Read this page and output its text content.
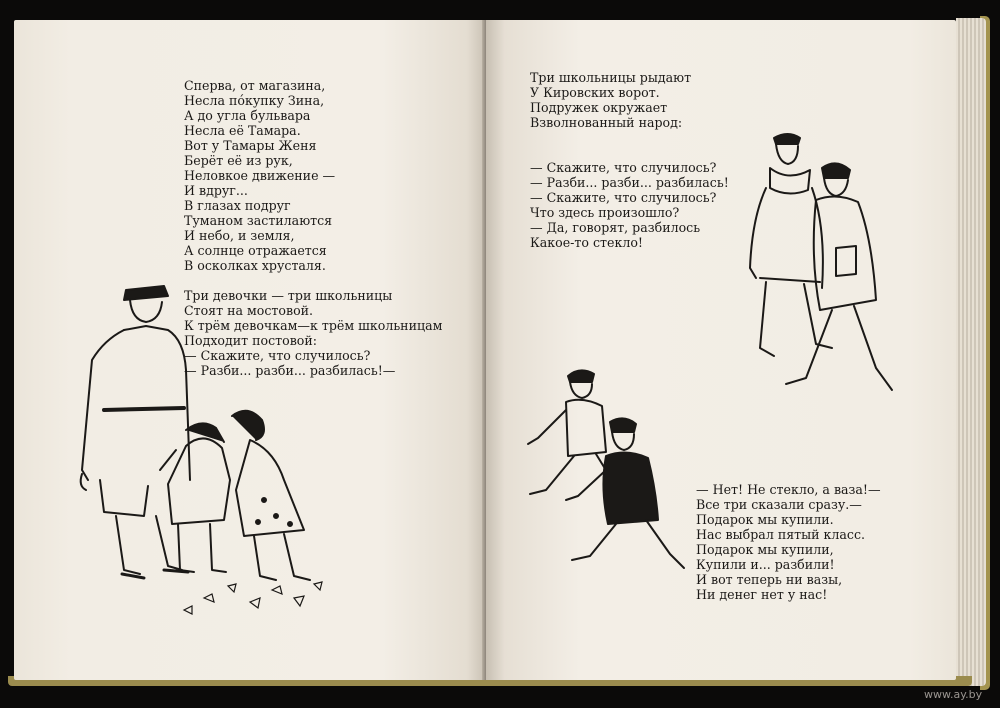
Сперва, от магазина,
Несла пóкупку Зина,
А до угла бульвара
Несла её Тамара.
Вот у Тамары Женя
Берёт её из рук,
Неловкое движение —
И вдруг...
В глазах подруг
Туманом застилаются
И небо, и земля,
А солнце отражается
В осколках хрусталя.
Три девочки — три школьницы
Стоят на мостовой.
К трём девочкам—к трём школьницам
Подходит постовой:
— Скажите, что случилось?
— Разби... разби... разбилась!—
Три школьницы рыдают
У Кировских ворот.
Подружек окружает
Взволнованный народ:
— Скажите, что случилось?
— Разби... разби... разбилась!
— Скажите, что случилось?
Что здесь произошло?
— Да, говорят, разбилось
Какое-то стекло!
— Нет! Не стекло, а ваза!—
Все три сказали сразу.—
Подарок мы купили.
Нас выбрал пятый класс.
Подарок мы купили,
Купили и... разбили!
И вот теперь ни вазы,
Ни денег нет у нас!
www.ay.by
